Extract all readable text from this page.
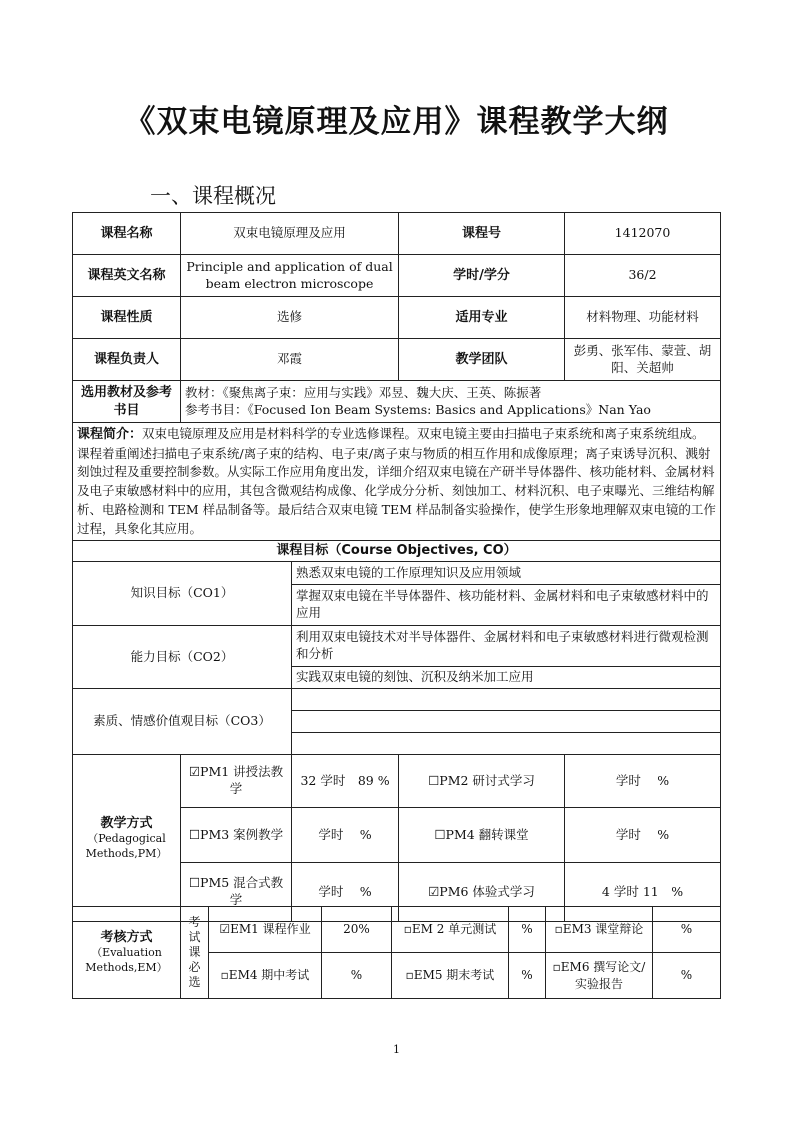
《双束电镜原理及应用》课程教学大纲
一、课程概况
课程名称	双束电镜原理及应用		课程号	1412070
课程英文名称	Principle and application of dual beam electron microscope		学时/学分	36/2
课程性质	选修		适用专业	材料物理、功能材料
课程负责人	邓霞		教学团队	彭勇、张军伟、蒙萱、胡阳、关超帅
选用教材及参考书目	教材：《聚焦离子束：应用与实践》邓昱、魏大庆、王英、陈振著
参考书目：《Focused Ion Beam Systems: Basics and Applications》Nan Yao			

课程简介：双束电镜原理及应用是材料科学的专业选修课程。双束电镜主要由扫描电子束系统和离子束系统组成。课程着重阐述扫描电子束系统/离子束的结构、电子束/离子束与物质的相互作用和成像原理；离子束诱导沉积、溅射刻蚀过程及重要控制参数。从实际工作应用角度出发，详细介绍双束电镜在产研半导体器件、核功能材料、金属材料及电子束敏感材料中的应用，其包含微观结构成像、化学成分分析、刻蚀加工、材料沉积、电子束曝光、三维结构解析、电路检测和 TEM 样品制备等。最后结合双束电镜 TEM 样品制备实验操作，使学生形象地理解双束电镜的工作过程，具象化其应用。				
课程目标（Course Objectives, CO）				
知识目标（CO1）		熟悉双束电镜的工作原理知识及应用领域		
		掌握双束电镜在半导体器件、核功能材料、金属材料和电子束敏感材料中的应用		
能力目标（CO2）		利用双束电镜技术对半导体器件、金属材料和电子束敏感材料进行微观检测和分析		
		实践双束电镜的刻蚀、沉积及纳米加工应用		
素质、情感价值观目标（CO3）				

教学方式
（Pedagogical Methods,PM）	☑PM1 讲授法教学	32 学时　89 %	☐PM2 研讨式学习	学时　 %
	☐PM3 案例教学	学时　 %	☐PM4 翻转课堂	学时　 %
	☐PM5 混合式教学	学时　 %	☑PM6 体验式学习	4 学时 11　%
考核方式
（Evaluation Methods,EM）	考试课必选	☑EM1 课程作业	20%	▫EM 2 单元测试	%	▫EM3 课堂辩论	%
		▫EM4 期中考试	%	▫EM5 期末考试	%	▫EM6 撰写论文/实验报告	%
1
